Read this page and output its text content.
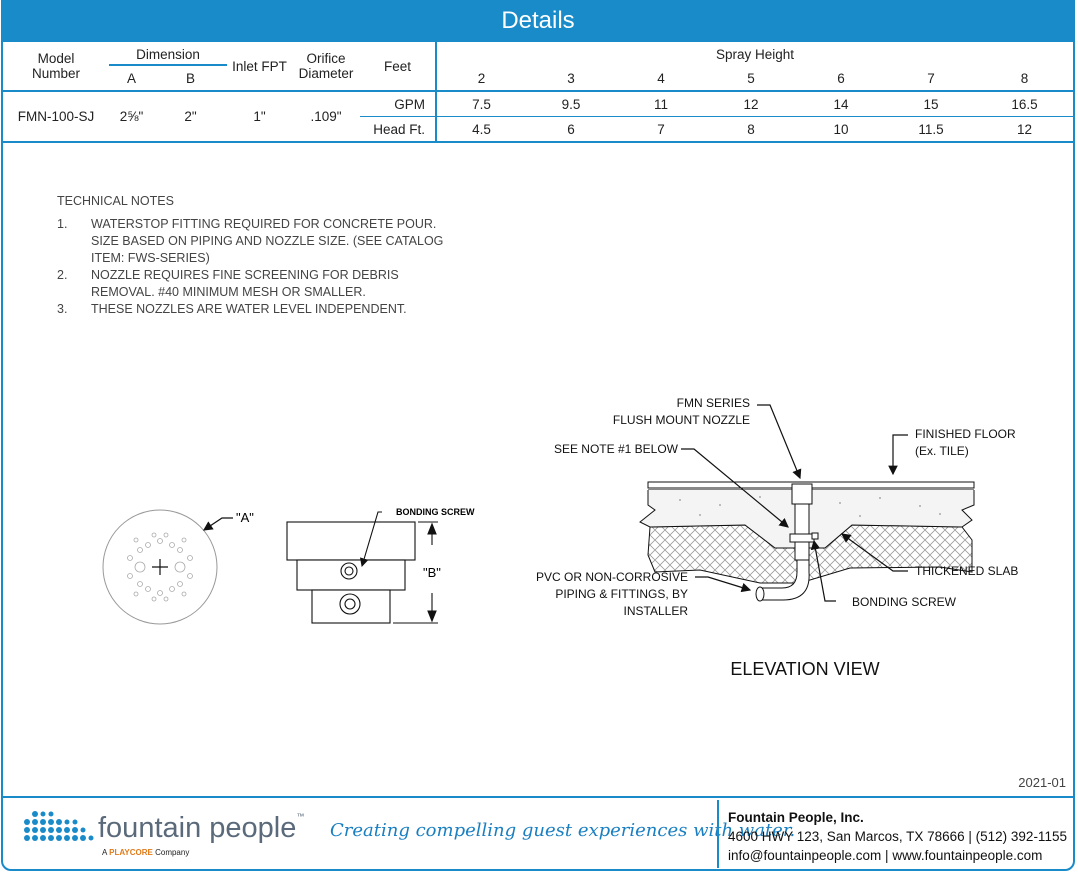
Details
Model
Number	Dimension		Inlet FPT	Orifice
Diameter	Feet	Spray Height						
	A	B				2	3	4	5	6	7	8
FMN-100-SJ	2⅝"	2"	1"	.109"	GPM	7.5	9.5	11	12	14	15	16.5
					Head Ft.	4.5	6	7	8	10	11.5	12
TECHNICAL NOTES
1.	WATERSTOP FITTING REQUIRED FOR CONCRETE POUR. SIZE BASED ON PIPING AND NOZZLE SIZE. (SEE CATALOG ITEM: FWS-SERIES)
2.	NOZZLE REQUIRES FINE SCREENING FOR DEBRIS REMOVAL. #40 MINIMUM MESH OR SMALLER.
3.	THESE NOZZLES ARE WATER LEVEL INDEPENDENT.
"A"	BONDING SCREW
"B"
FMN SERIES
FLUSH MOUNT NOZZLE
SEE NOTE #1 BELOW
FINISHED FLOOR
(Ex. TILE)
THICKENED SLAB
BONDING SCREW
PVC OR NON-CORROSIVE
PIPING & FITTINGS, BY
INSTALLER
ELEVATION VIEW
2021-01
fountain people™
A PLAYCORE Company
Creating compelling guest experiences with water.
Fountain People, Inc.
4600 HWY 123, San Marcos, TX 78666 | (512) 392-1155
info@fountainpeople.com | www.fountainpeople.com
